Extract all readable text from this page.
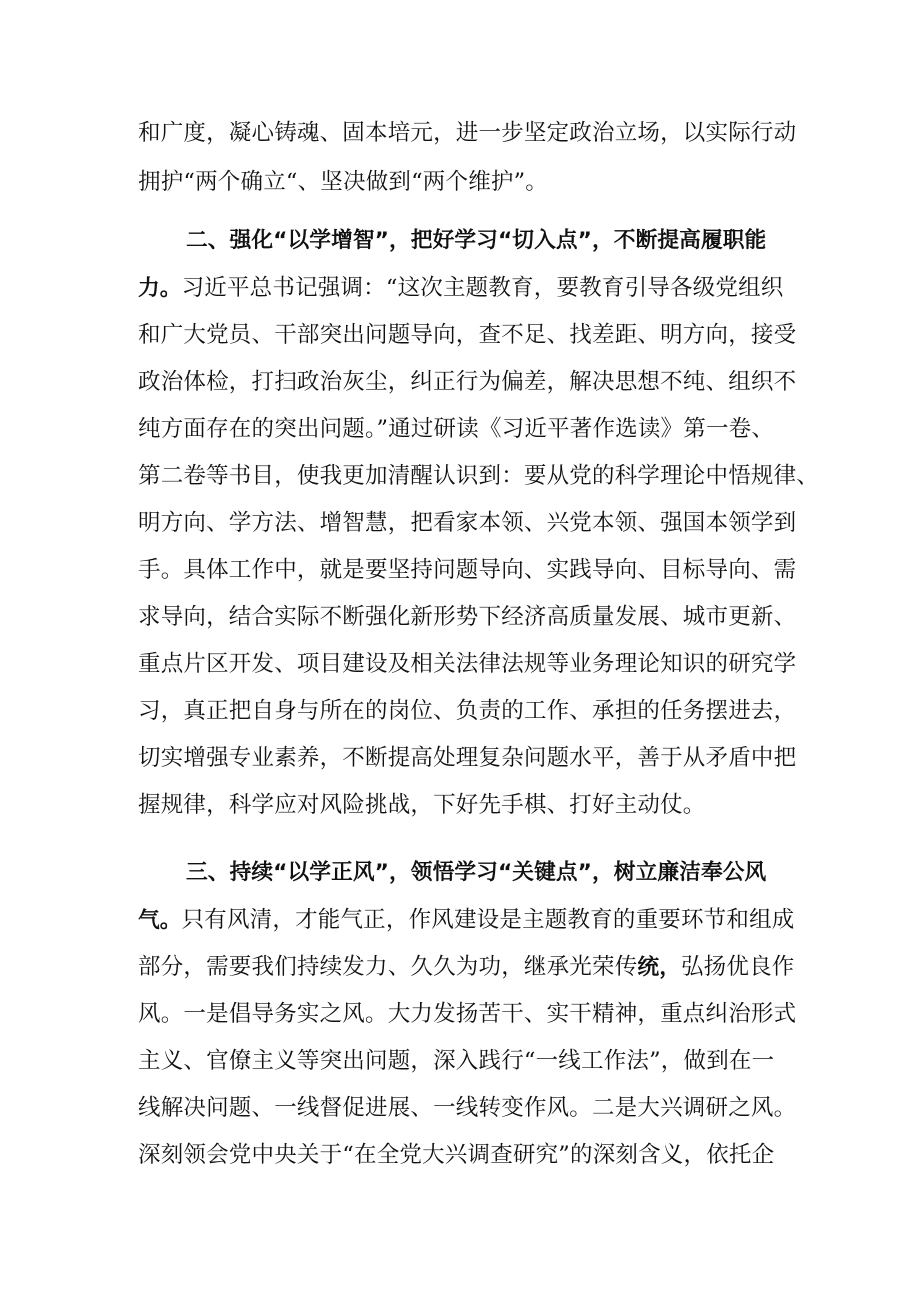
和广度，凝心铸魂、固本培元，进一步坚定政治立场，以实际行动
拥护“两个确立“、坚决做到“两个维护”。
二、强化“以学增智”，把好学习“切入点”，不断提高履职能
力。习近平总书记强调：“这次主题教育，要教育引导各级党组织
和广大党员、干部突出问题导向，查不足、找差距、明方向，接受
政治体检，打扫政治灰尘，纠正行为偏差，解决思想不纯、组织不
纯方面存在的突出问题。”通过研读《习近平著作选读》第一卷、
第二卷等书目，使我更加清醒认识到：要从党的科学理论中悟规律、
明方向、学方法、增智慧，把看家本领、兴党本领、强国本领学到
手。具体工作中，就是要坚持问题导向、实践导向、目标导向、需
求导向，结合实际不断强化新形势下经济高质量发展、城市更新、
重点片区开发、项目建设及相关法律法规等业务理论知识的研究学
习，真正把自身与所在的岗位、负责的工作、承担的任务摆进去，
切实增强专业素养，不断提高处理复杂问题水平，善于从矛盾中把
握规律，科学应对风险挑战，下好先手棋、打好主动仗。
三、持续“以学正风”，领悟学习“关键点”，树立廉洁奉公风
气。只有风清，才能气正，作风建设是主题教育的重要环节和组成
部分，需要我们持续发力、久久为功，继承光荣传统，弘扬优良作
风。一是倡导务实之风。大力发扬苦干、实干精神，重点纠治形式
主义、官僚主义等突出问题，深入践行“一线工作法”，做到在一
线解决问题、一线督促进展、一线转变作风。二是大兴调研之风。
深刻领会党中央关于“在全党大兴调查研究”的深刻含义，依托企
